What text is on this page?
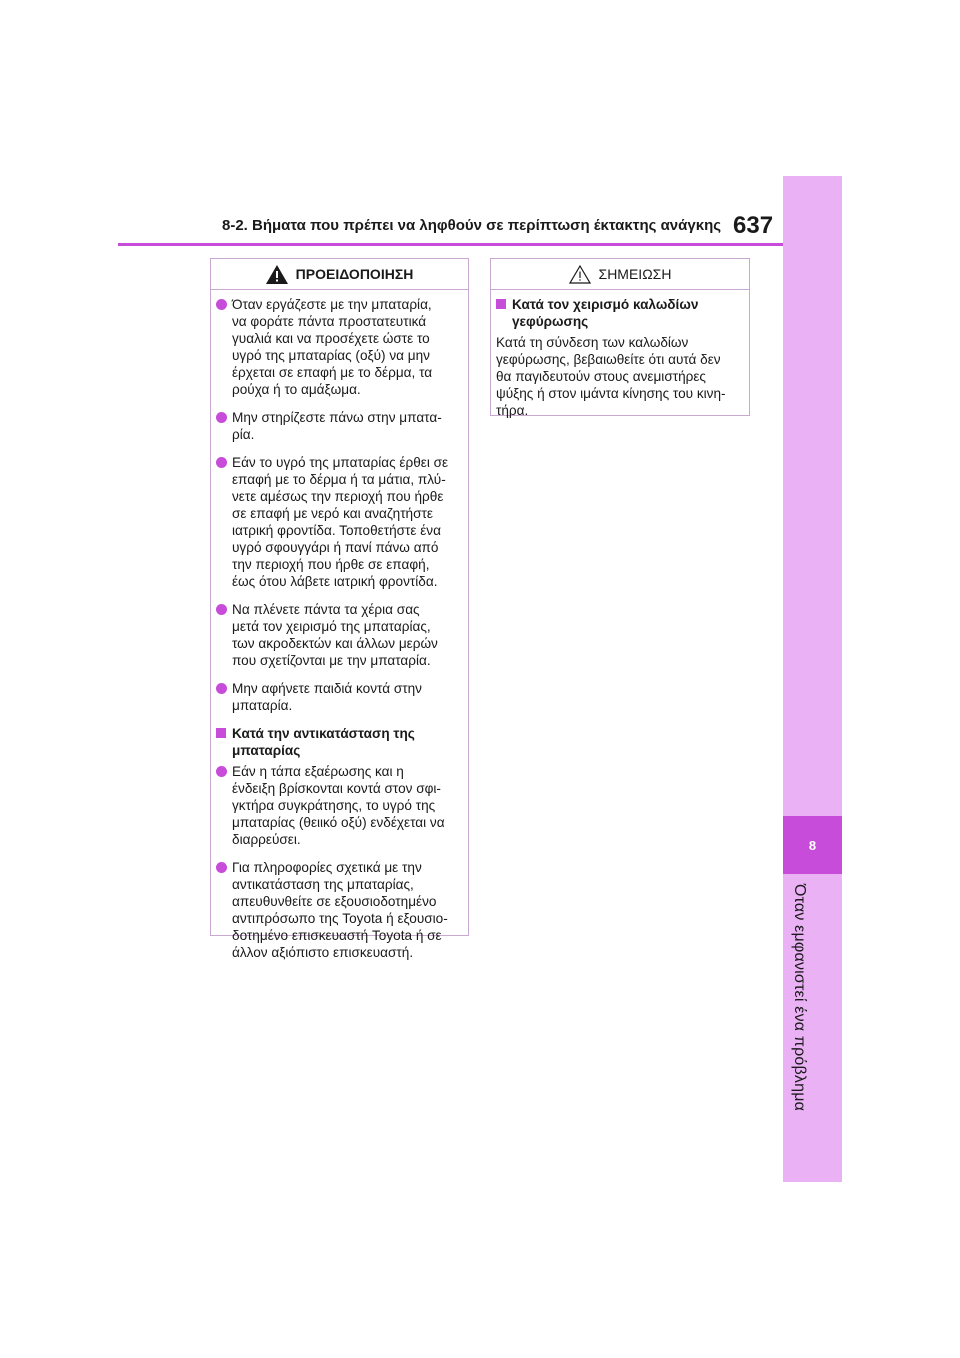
8
Όταν εμφανιστεί ένα πρόβλημα
8-2. Βήματα που πρέπει να ληφθούν σε περίπτωση έκτακτης ανάγκης 637
ΠΡΟΕΙΔΟΠΟΙΗΣΗ
Όταν εργάζεστε με την μπαταρία,
να φοράτε πάντα προστατευτικά
γυαλιά και να προσέχετε ώστε το
υγρό της μπαταρίας (οξύ) να μην
έρχεται σε επαφή με το δέρμα, τα
ρούχα ή το αμάξωμα.
Μην στηρίζεστε πάνω στην μπατα-
ρία.
Εάν το υγρό της μπαταρίας έρθει σε
επαφή με το δέρμα ή τα μάτια, πλύ-
νετε αμέσως την περιοχή που ήρθε
σε επαφή με νερό και αναζητήστε
ιατρική φροντίδα. Τοποθετήστε ένα
υγρό σφουγγάρι ή πανί πάνω από
την περιοχή που ήρθε σε επαφή,
έως ότου λάβετε ιατρική φροντίδα.
Να πλένετε πάντα τα χέρια σας
μετά τον χειρισμό της μπαταρίας,
των ακροδεκτών και άλλων μερών
που σχετίζονται με την μπαταρία.
Μην αφήνετε παιδιά κοντά στην
μπαταρία.
Κατά την αντικατάσταση της
μπαταρίας
Εάν η τάπα εξαέρωσης και η
ένδειξη βρίσκονται κοντά στον σφι-
γκτήρα συγκράτησης, το υγρό της
μπαταρίας (θειικό οξύ) ενδέχεται να
διαρρεύσει.
Για πληροφορίες σχετικά με την
αντικατάσταση της μπαταρίας,
απευθυνθείτε σε εξουσιοδοτημένο
αντιπρόσωπο της Toyota ή εξουσιο-
δοτημένο επισκευαστή Toyota ή σε
άλλον αξιόπιστο επισκευαστή.
ΣΗΜΕΙΩΣΗ
Κατά τον χειρισμό καλωδίων
γεφύρωσης
Κατά τη σύνδεση των καλωδίων
γεφύρωσης, βεβαιωθείτε ότι αυτά δεν
θα παγιδευτούν στους ανεμιστήρες
ψύξης ή στον ιμάντα κίνησης του κινη-
τήρα.
